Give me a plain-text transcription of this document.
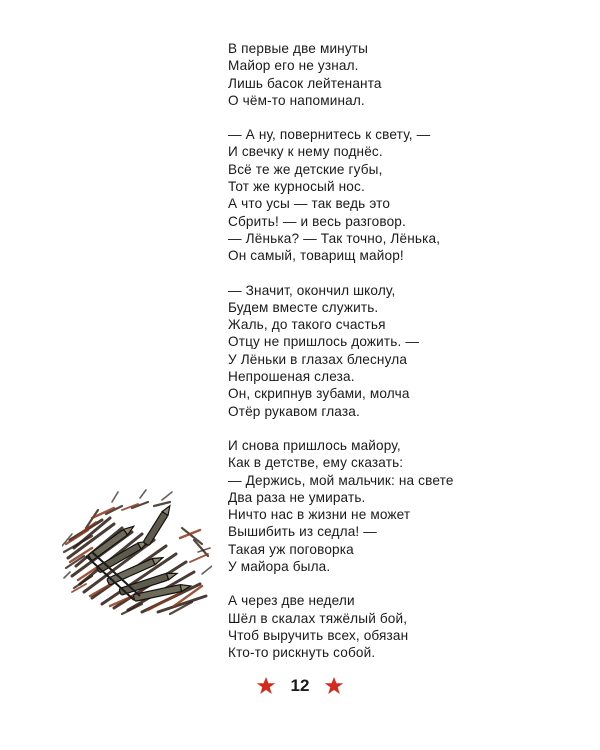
В первые две минуты
Майор его не узнал.
Лишь басок лейтенанта
О чём-то напоминал.
— А ну, повернитесь к свету, —
И свечку к нему поднёс.
Всё те же детские губы,
Тот же курносый нос.
А что усы — так ведь это
Сбрить! — и весь разговор.
— Лёнька? — Так точно, Лёнька,
Он самый, товарищ майор!
— Значит, окончил школу,
Будем вместе служить.
Жаль, до такого счастья
Отцу не пришлось дожить. —
У Лёньки в глазах блеснула
Непрошеная слеза.
Он, скрипнув зубами, молча
Отёр рукавом глаза.
И снова пришлось майору,
Как в детстве, ему сказать:
— Держись, мой мальчик: на свете
Два раза не умирать.
Ничто нас в жизни не может
Вышибить из седла! —
Такая уж поговорка
У майора была.
А через две недели
Шёл в скалах тяжёлый бой,
Чтоб выручить всех, обязан
Кто-то рискнуть собой.
12
